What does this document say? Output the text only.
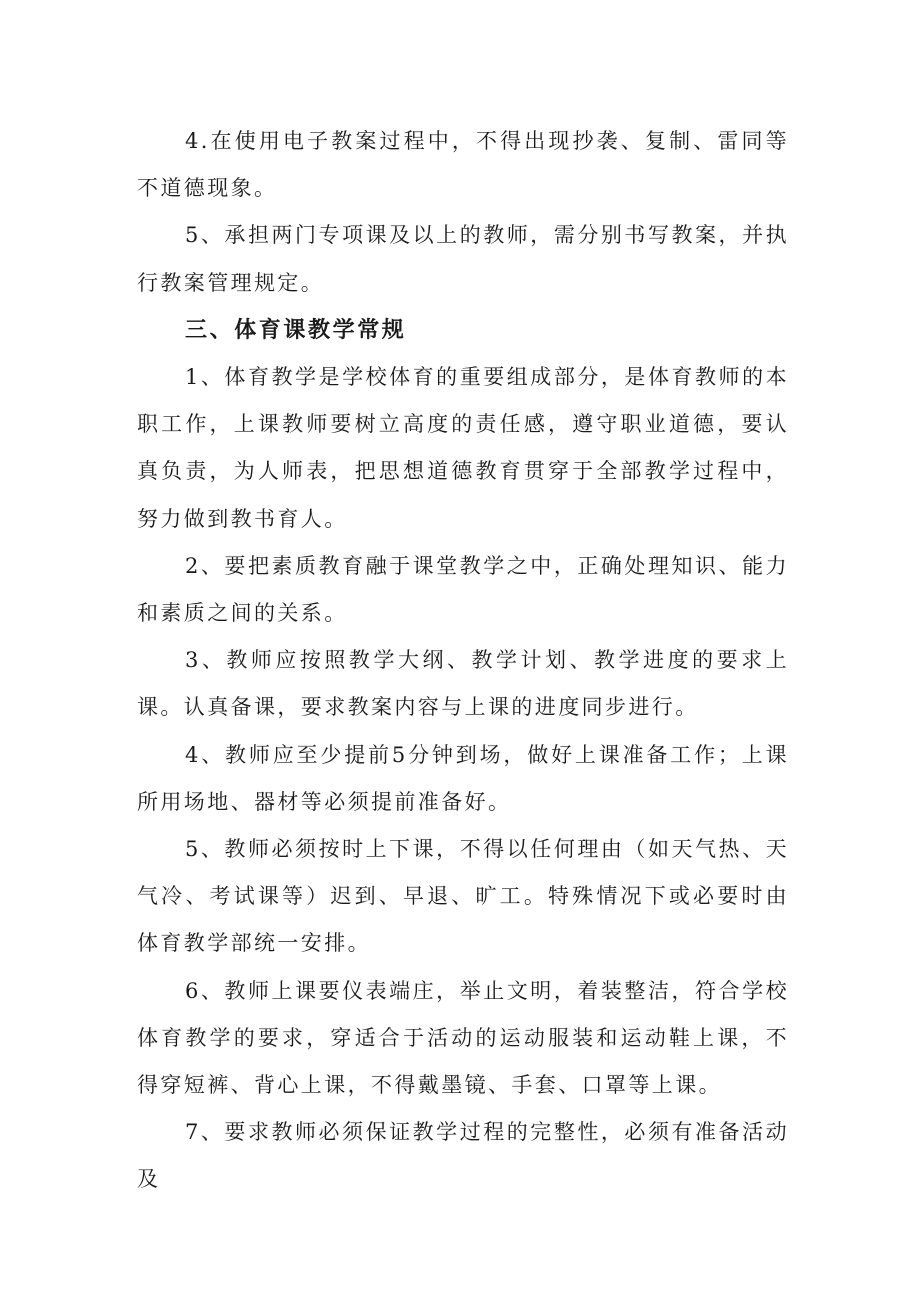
4.在使用电子教案过程中，不得出现抄袭、复制、雷同等不道德现象。

5、承担两门专项课及以上的教师，需分别书写教案，并执行教案管理规定。

三、体育课教学常规

1、体育教学是学校体育的重要组成部分，是体育教师的本职工作，上课教师要树立高度的责任感，遵守职业道德，要认真负责，为人师表，把思想道德教育贯穿于全部教学过程中，努力做到教书育人。

2、要把素质教育融于课堂教学之中，正确处理知识、能力和素质之间的关系。

3、教师应按照教学大纲、教学计划、教学进度的要求上课。认真备课，要求教案内容与上课的进度同步进行。

4、教师应至少提前5分钟到场，做好上课准备工作；上课所用场地、器材等必须提前准备好。

5、教师必须按时上下课，不得以任何理由（如天气热、天气冷、考试课等）迟到、早退、旷工。特殊情况下或必要时由体育教学部统一安排。

6、教师上课要仪表端庄，举止文明，着装整洁，符合学校体育教学的要求，穿适合于活动的运动服装和运动鞋上课，不得穿短裤、背心上课，不得戴墨镜、手套、口罩等上课。

7、要求教师必须保证教学过程的完整性，必须有准备活动及
